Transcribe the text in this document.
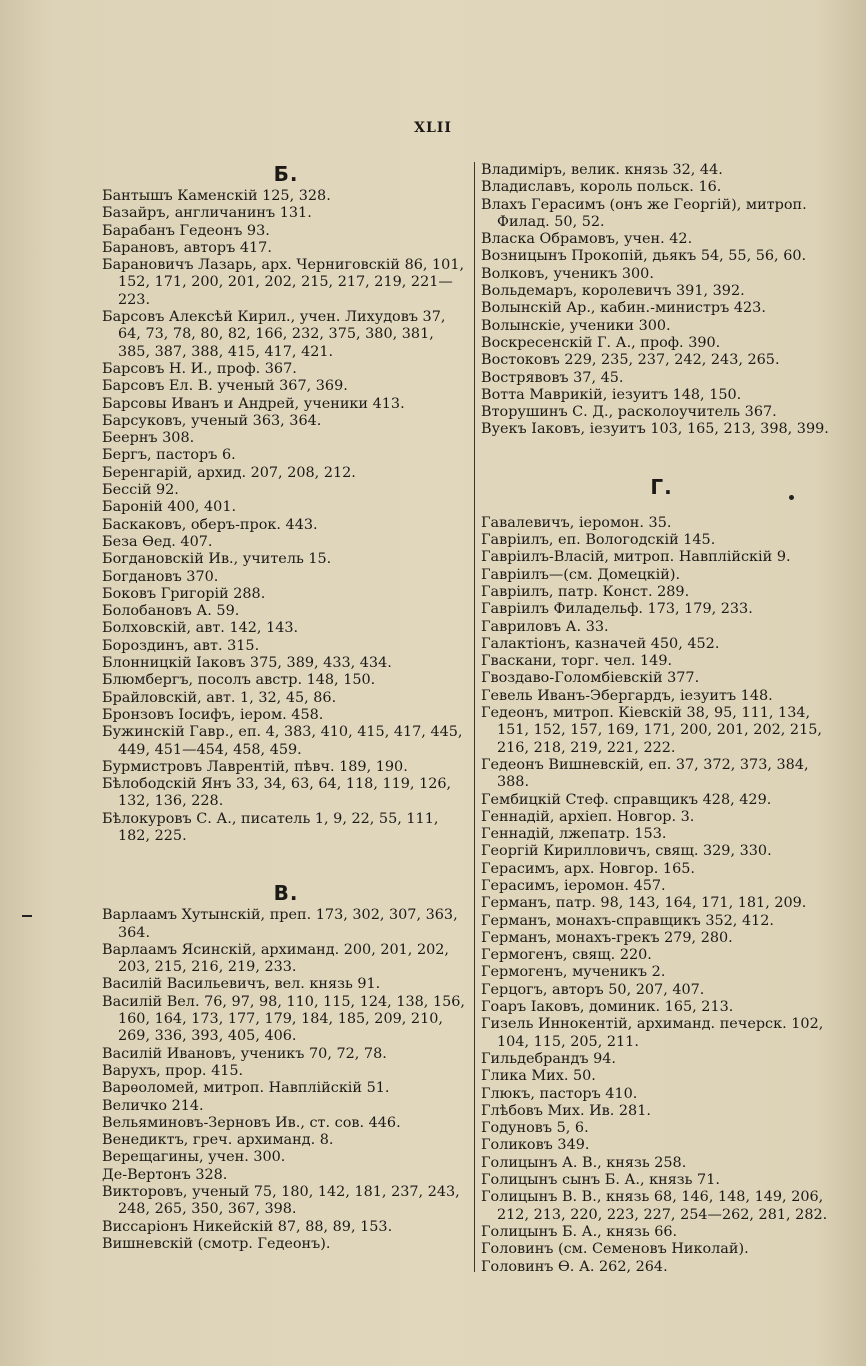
XLII
Б.

Бантышъ Каменскій 125, 328.

Базайръ, англичанинъ 131.

Барабанъ Гедеонъ 93.

Барановъ, авторъ 417.

Барановичъ Лазарь, арх. Черниговскій 86, 101, 152, 171, 200, 201, 202, 215, 217, 219, 221—223.

Барсовъ Алексѣй Кирил., учен. Лихудовъ 37, 64, 73, 78, 80, 82, 166, 232, 375, 380, 381, 385, 387, 388, 415, 417, 421.

Барсовъ Н. И., проф. 367.

Барсовъ Ел. В. ученый 367, 369.

Барсовы Иванъ и Андрей, ученики 413.

Барсуковъ, ученый 363, 364.

Беернъ 308.

Бергъ, пасторъ 6.

Беренгарій, архид. 207, 208, 212.

Бессій 92.

Бароній 400, 401.

Баскаковъ, оберъ-прок. 443.

Беза Өед. 407.

Богдановскій Ив., учитель 15.

Богдановъ 370.

Боковъ Григорій 288.

Болобановъ А. 59.

Болховскій, авт. 142, 143.

Бороздинъ, авт. 315.

Блонницкій Іаковъ 375, 389, 433, 434.

Блюмбергъ, посолъ австр. 148, 150.

Брайловскій, авт. 1, 32, 45, 86.

Бронзовъ Іосифъ, іером. 458.

Бужинскій Гавр., еп. 4, 383, 410, 415, 417, 445, 449, 451—454, 458, 459.

Бурмистровъ Лаврентій, пѣвч. 189, 190.

Бѣлободскій Янъ 33, 34, 63, 64, 118, 119, 126, 132, 136, 228.

Бѣлокуровъ С. А., писатель 1, 9, 22, 55, 111, 182, 225.

В.

Варлаамъ Хутынскій, преп. 173, 302, 307, 363, 364.

Варлаамъ Ясинскій, архиманд. 200, 201, 202, 203, 215, 216, 219, 233.

Василій Васильевичъ, вел. князь 91.

Василій Вел. 76, 97, 98, 110, 115, 124, 138, 156, 160, 164, 173, 177, 179, 184, 185, 209, 210, 269, 336, 393, 405, 406.

Василій Ивановъ, ученикъ 70, 72, 78.

Варухъ, прор. 415.

Варѳоломей, митроп. Навплійскій 51.

Величко 214.

Вельяминовъ-Зерновъ Ив., ст. сов. 446.

Венедиктъ, греч. архиманд. 8.

Верещагины, учен. 300.

Де-Вертонъ 328.

Викторовъ, ученый 75, 180, 142, 181, 237, 243, 248, 265, 350, 367, 398.

Виссаріонъ Никейскій 87, 88, 89, 153.

Вишневскій (смотр. Гедеонъ).

Владиміръ, велик. князь 32, 44.

Владиславъ, король польск. 16.

Влахъ Герасимъ (онъ же Георгій), митроп. Филад. 50, 52.

Власка Обрамовъ, учен. 42.

Возницынъ Прокопій, дьякъ 54, 55, 56, 60.

Волковъ, ученикъ 300.

Вольдемаръ, королевичъ 391, 392.

Волынскій Ар., кабин.-министръ 423.

Волынскіе, ученики 300.

Воскресенскій Г. А., проф. 390.

Востоковъ 229, 235, 237, 242, 243, 265.

Вострявовъ 37, 45.

Вотта Маврикій, іезуитъ 148, 150.

Вторушинъ С. Д., расколоучитель 367.

Вуекъ Іаковъ, іезуитъ 103, 165, 213, 398, 399.

Г.

Гавалевичъ, іеромон. 35.

Гавріилъ, еп. Вологодскій 145.

Гавріилъ-Власій, митроп. Навплійскій 9.

Гавріилъ—(см. Домецкій).

Гавріилъ, патр. Конст. 289.

Гавріилъ Филадельф. 173, 179, 233.

Гавриловъ А. 33.

Галактіонъ, казначей 450, 452.

Гваскани, торг. чел. 149.

Гвоздаво-Голомбіевскій 377.

Гевель Иванъ-Эбергардъ, іезуитъ 148.

Гедеонъ, митроп. Кіевскій 38, 95, 111, 134, 151, 152, 157, 169, 171, 200, 201, 202, 215, 216, 218, 219, 221, 222.

Гедеонъ Вишневскій, еп. 37, 372, 373, 384, 388.

Гембицкій Стеф. справщикъ 428, 429.

Геннадій, архіеп. Новгор. 3.

Геннадій, лжепатр. 153.

Георгій Кирилловичъ, свящ. 329, 330.

Герасимъ, арх. Новгор. 165.

Герасимъ, іеромон. 457.

Германъ, патр. 98, 143, 164, 171, 181, 209.

Германъ, монахъ-справщикъ 352, 412.

Германъ, монахъ-грекъ 279, 280.

Гермогенъ, свящ. 220.

Гермогенъ, мученикъ 2.

Герцогъ, авторъ 50, 207, 407.

Гоаръ Іаковъ, доминик. 165, 213.

Гизель Иннокентій, архиманд. печерск. 102, 104, 115, 205, 211.

Гильдебрандъ 94.

Глика Мих. 50.

Глюкъ, пасторъ 410.

Глѣбовъ Мих. Ив. 281.

Годуновъ 5, 6.

Голиковъ 349.

Голицынъ А. В., князь 258.

Голицынъ сынъ Б. А., князь 71.

Голицынъ В. В., князь 68, 146, 148, 149, 206, 212, 213, 220, 223, 227, 254—262, 281, 282.

Голицынъ Б. А., князь 66.

Головинъ (см. Семеновъ Николай).

Головинъ Ѳ. А. 262, 264.
